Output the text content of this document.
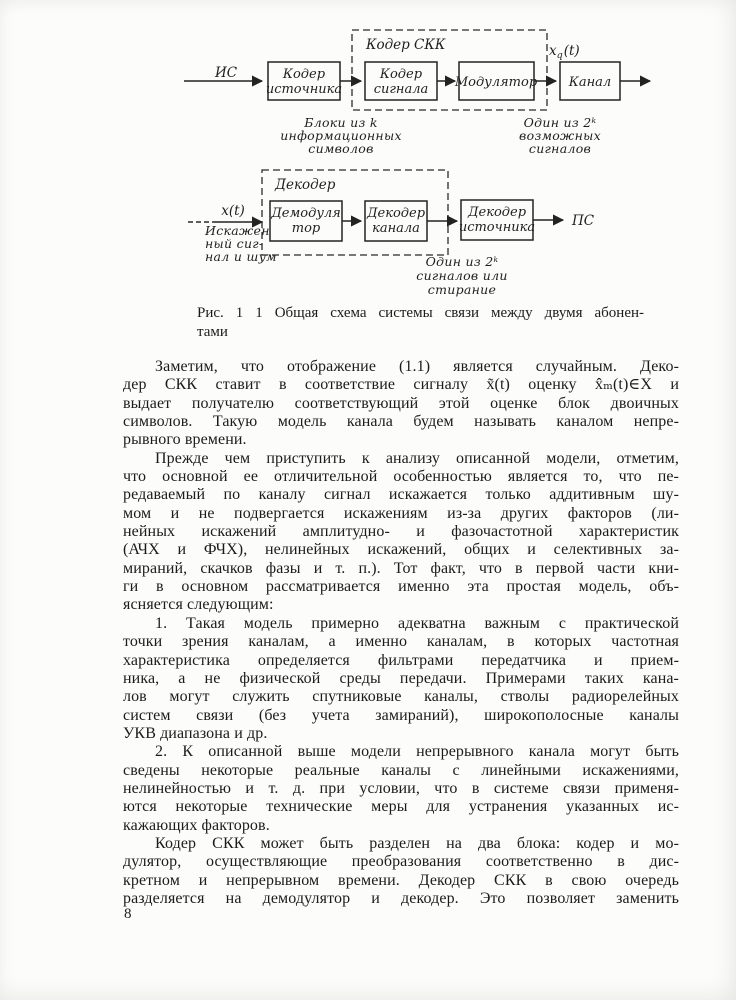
ИС	Кодер
источника
Кодер СКК
Кодер
сигнала Модулятор
$x_q(t)$
Канал
Блоки из k
информационных
символов
Один из 2ᵏ
возможных
сигналов
x(t)
Искажен
ный сиг-
нал и шум
Декодер
Демодуля
тор
Декодер
канала
Декодер
источника	ПС
Один из 2ᵏ
сигналов или
стирание
Рис. 1 1 Общая схема системы связи между двумя абонен-
тами
Заметим, что отображение (1.1) является случайным. Деко-
дер СКК ставит в соответствие сигналу x̃(t) оценку x̂ₘ(t)∈X и
выдает получателю соответствующий этой оценке блок двоичных
символов. Такую модель канала будем называть каналом непре-
рывного времени.
Прежде чем приступить к анализу описанной модели, отметим,
что основной ее отличительной особенностью является то, что пе-
редаваемый по каналу сигнал искажается только аддитивным шу-
мом и не подвергается искажениям из-за других факторов (ли-
нейных искажений амплитудно- и фазочастотной характеристик
(АЧХ и ФЧХ), нелинейных искажений, общих и селективных за-
мираний, скачков фазы и т. п.). Тот факт, что в первой части кни-
ги в основном рассматривается именно эта простая модель, объ-
ясняется следующим:
1. Такая модель примерно адекватна важным с практической
точки зрения каналам, а именно каналам, в которых частотная
характеристика определяется фильтрами передатчика и прием-
ника, а не физической среды передачи. Примерами таких кана-
лов могут служить спутниковые каналы, стволы радиорелейных
систем связи (без учета замираний), широкополосные каналы
УКВ диапазона и др.
2. К описанной выше модели непрерывного канала могут быть
сведены некоторые реальные каналы с линейными искажениями,
нелинейностью и т. д. при условии, что в системе связи применя-
ются некоторые технические меры для устранения указанных ис-
кажающих факторов.
Кодер СКК может быть разделен на два блока: кодер и мо-
дулятор, осуществляющие преобразования соответственно в дис-
кретном и непрерывном времени. Декодер СКК в свою очередь
разделяется на демодулятор и декодер. Это позволяет заменить
8
